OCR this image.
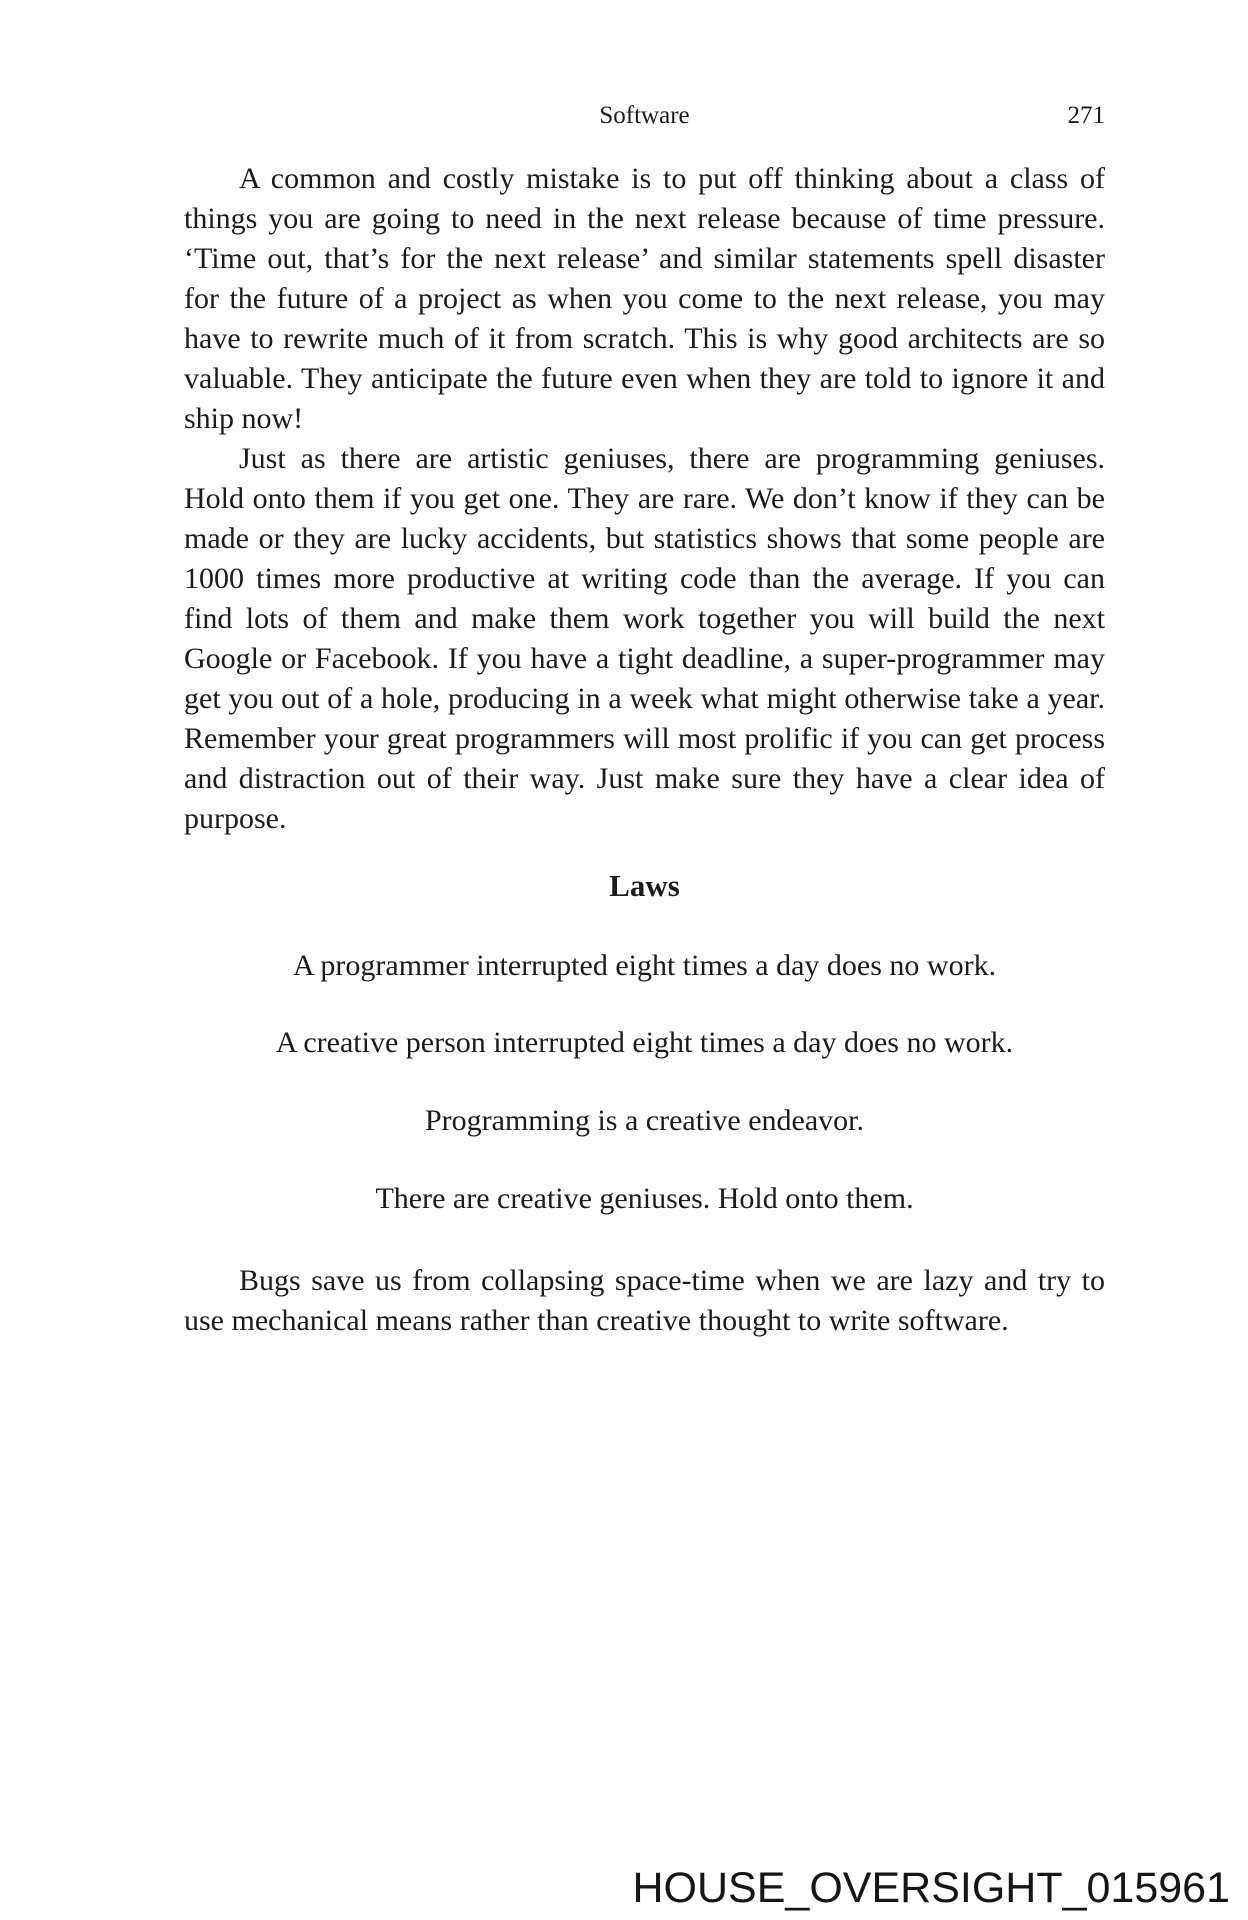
Software	271

A common and costly mistake is to put off thinking about a class of things you are going to need in the next release because of time pressure. ‘Time out, that’s for the next release’ and similar statements spell disaster for the future of a project as when you come to the next release, you may have to rewrite much of it from scratch. This is why good architects are so valuable. They anticipate the future even when they are told to ignore it and ship now!

Just as there are artistic geniuses, there are programming geniuses. Hold onto them if you get one. They are rare. We don’t know if they can be made or they are lucky accidents, but statistics shows that some people are 1000 times more productive at writing code than the average. If you can find lots of them and make them work together you will build the next Google or Facebook. If you have a tight deadline, a super-programmer may get you out of a hole, producing in a week what might otherwise take a year. Remember your great programmers will most prolific if you can get process and distraction out of their way. Just make sure they have a clear idea of purpose.

Laws
A programmer interrupted eight times a day does no work.
A creative person interrupted eight times a day does no work.
Programming is a creative endeavor.
There are creative geniuses. Hold onto them.
Bugs save us from collapsing space-time when we are lazy and try to use mechanical means rather than creative thought to write software.
HOUSE_OVERSIGHT_015961
